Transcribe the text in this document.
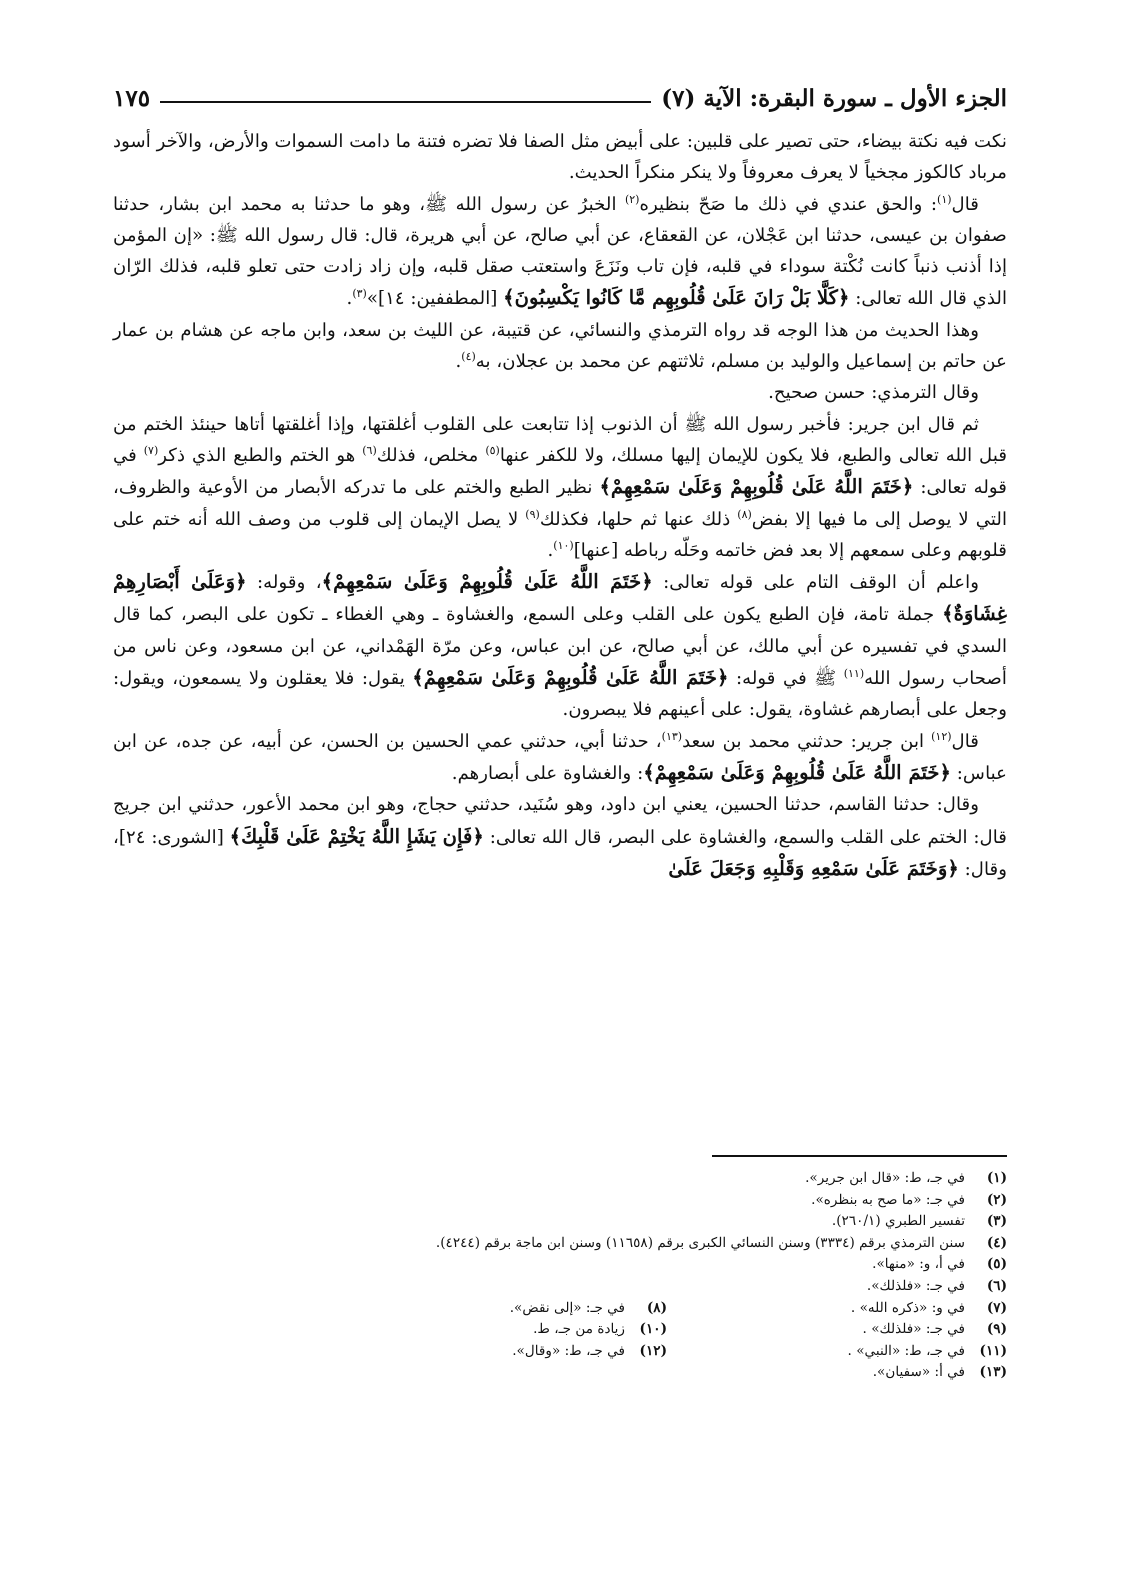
الجزء الأول ـ سورة البقرة: الآية (٧)
١٧٥

نكت فيه نكتة بيضاء، حتى تصير على قلبين: على أبيض مثل الصفا فلا تضره فتنة ما دامت السموات والأرض، والآخر أسود مرباد كالكوز مجخياً لا يعرف معروفاً ولا ينكر منكراً الحديث.

قال$^{(١)}$: والحق عندي في ذلك ما صَحّ بنظيره$^{(٢)}$ الخبرُ عن رسول الله ﷺ، وهو ما حدثنا به محمد ابن بشار، حدثنا صفوان بن عيسى، حدثنا ابن عَجْلان، عن القعقاع، عن أبي صالح، عن أبي هريرة، قال: قال رسول الله ﷺ: «إن المؤمن إذا أذنب ذنباً كانت نُكْتة سوداء في قلبه، فإن تاب ونَزَعَ واستعتب صقل قلبه، وإن زاد زادت حتى تعلو قلبه، فذلك الرّان الذي قال الله تعالى: ﴿كَلَّا بَلْ رَانَ عَلَىٰ قُلُوبِهِم مَّا كَانُوا يَكْسِبُونَ﴾ [المطففين: ١٤]»$^{(٣)}$.

وهذا الحديث من هذا الوجه قد رواه الترمذي والنسائي، عن قتيبة، عن الليث بن سعد، وابن ماجه عن هشام بن عمار عن حاتم بن إسماعيل والوليد بن مسلم، ثلاثتهم عن محمد بن عجلان، به$^{(٤)}$.

وقال الترمذي: حسن صحيح.

ثم قال ابن جرير: فأخبر رسول الله ﷺ أن الذنوب إذا تتابعت على القلوب أغلقتها، وإذا أغلقتها أتاها حينئذ الختم من قبل الله تعالى والطبع، فلا يكون للإيمان إليها مسلك، ولا للكفر عنها$^{(٥)}$ مخلص، فذلك$^{(٦)}$ هو الختم والطبع الذي ذكر$^{(٧)}$ في قوله تعالى: ﴿خَتَمَ اللَّهُ عَلَىٰ قُلُوبِهِمْ وَعَلَىٰ سَمْعِهِمْ﴾ نظير الطبع والختم على ما تدركه الأبصار من الأوعية والظروف، التي لا يوصل إلى ما فيها إلا بفض$^{(٨)}$ ذلك عنها ثم حلها، فكذلك$^{(٩)}$ لا يصل الإيمان إلى قلوب من وصف الله أنه ختم على قلوبهم وعلى سمعهم إلا بعد فض خاتمه وحَلّه رباطه [عنها]$^{(١٠)}$.

واعلم أن الوقف التام على قوله تعالى: ﴿خَتَمَ اللَّهُ عَلَىٰ قُلُوبِهِمْ وَعَلَىٰ سَمْعِهِمْ﴾، وقوله: ﴿وَعَلَىٰ أَبْصَارِهِمْ غِشَاوَةٌ﴾ جملة تامة، فإن الطبع يكون على القلب وعلى السمع، والغشاوة ـ وهي الغطاء ـ تكون على البصر، كما قال السدي في تفسيره عن أبي مالك، عن أبي صالح، عن ابن عباس، وعن مرّة الهَمْداني، عن ابن مسعود، وعن ناس من أصحاب رسول الله$^{(١١)}$ ﷺ في قوله: ﴿خَتَمَ اللَّهُ عَلَىٰ قُلُوبِهِمْ وَعَلَىٰ سَمْعِهِمْ﴾ يقول: فلا يعقلون ولا يسمعون، ويقول: وجعل على أبصارهم غشاوة، يقول: على أعينهم فلا يبصرون.

قال$^{(١٢)}$ ابن جرير: حدثني محمد بن سعد$^{(١٣)}$، حدثنا أبي، حدثني عمي الحسين بن الحسن، عن أبيه، عن جده، عن ابن عباس: ﴿خَتَمَ اللَّهُ عَلَىٰ قُلُوبِهِمْ وَعَلَىٰ سَمْعِهِمْ﴾: والغشاوة على أبصارهم.

وقال: حدثنا القاسم، حدثنا الحسين، يعني ابن داود، وهو سُنَيد، حدثني حجاج، وهو ابن محمد الأعور، حدثني ابن جريج قال: الختم على القلب والسمع، والغشاوة على البصر، قال الله تعالى: ﴿فَإِن يَشَإِ اللَّهُ يَخْتِمْ عَلَىٰ قَلْبِكَ﴾ [الشورى: ٢٤]، وقال: ﴿وَخَتَمَ عَلَىٰ سَمْعِهِ وَقَلْبِهِ وَجَعَلَ عَلَىٰ

(١)
في جـ، ط: «قال ابن جرير».
(٢)
في جـ: «ما صح به بنظره».
(٣)
تفسير الطبري (٢٦٠/١).
(٤)
سنن الترمذي برقم (٣٣٣٤) وسنن النسائي الكبرى برقم (١١٦٥٨) وسنن ابن ماجة برقم (٤٢٤٤).
(٥)
في أ، و: «منها».
(٦)
في جـ: «فلذلك».
(٧)
في و: «ذكره الله» .
(٨)
في جـ: «إلى نقض».
(٩)
في جـ: «فلذلك» .
(١٠)
زيادة من جـ، ط.
(١١)
في جـ، ط: «النبي» .
(١٢)
في جـ، ط: «وقال».
(١٣)
في أ: «سفيان».
